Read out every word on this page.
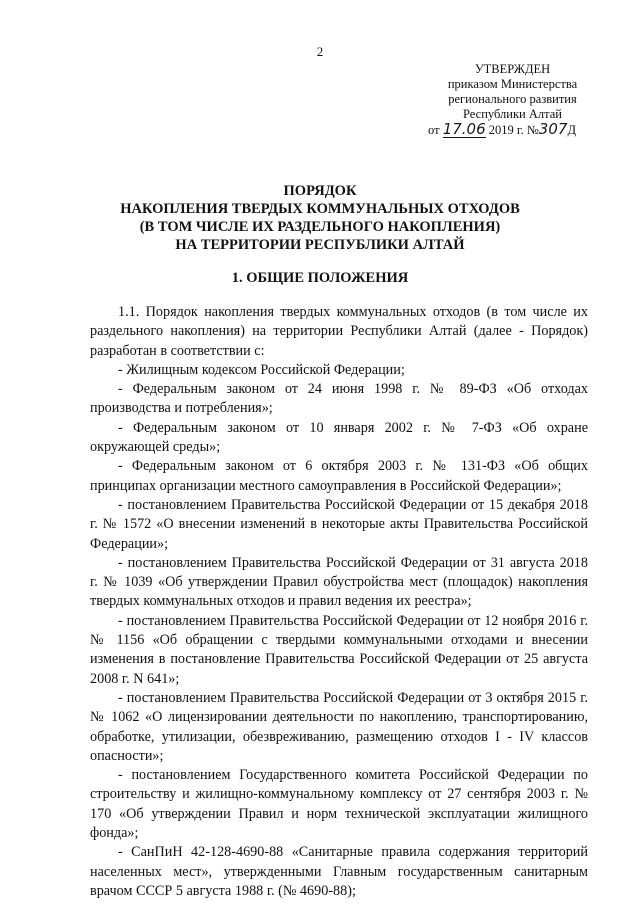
2
УТВЕРЖДЕН
приказом Министерства
регионального развития
Республики Алтай
от 17.06 2019 г. №307Д
ПОРЯДОК
НАКОПЛЕНИЯ ТВЕРДЫХ КОММУНАЛЬНЫХ ОТХОДОВ
(В ТОМ ЧИСЛЕ ИХ РАЗДЕЛЬНОГО НАКОПЛЕНИЯ)
НА ТЕРРИТОРИИ РЕСПУБЛИКИ АЛТАЙ
1. ОБЩИЕ ПОЛОЖЕНИЯ

1.1. Порядок накопления твердых коммунальных отходов (в том числе их раздельного накопления) на территории Республики Алтай (далее - Порядок) разработан в соответствии с:

- Жилищным кодексом Российской Федерации;

- Федеральным законом от 24 июня 1998 г. № 89-ФЗ «Об отходах производства и потребления»;

- Федеральным законом от 10 января 2002 г. № 7-ФЗ «Об охране окружающей среды»;

- Федеральным законом от 6 октября 2003 г. № 131-ФЗ «Об общих принципах организации местного самоуправления в Российской Федерации»;

- постановлением Правительства Российской Федерации от 15 декабря 2018 г. № 1572 «О внесении изменений в некоторые акты Правительства Российской Федерации»;

- постановлением Правительства Российской Федерации от 31 августа 2018 г. № 1039 «Об утверждении Правил обустройства мест (площадок) накопления твердых коммунальных отходов и правил ведения их реестра»;

- постановлением Правительства Российской Федерации от 12 ноября 2016 г. № 1156 «Об обращении с твердыми коммунальными отходами и внесении изменения в постановление Правительства Российской Федерации от 25 августа 2008 г. N 641»;

- постановлением Правительства Российской Федерации от 3 октября 2015 г. № 1062 «О лицензировании деятельности по накоплению, транспортированию, обработке, утилизации, обезвреживанию, размещению отходов I - IV классов опасности»;

- постановлением Государственного комитета Российской Федерации по строительству и жилищно-коммунальному комплексу от 27 сентября 2003 г. № 170 «Об утверждении Правил и норм технической эксплуатации жилищного фонда»;

- СанПиН 42-128-4690-88 «Санитарные правила содержания территорий населенных мест», утвержденными Главным государственным санитарным врачом СССР 5 августа 1988 г. (№ 4690-88);
